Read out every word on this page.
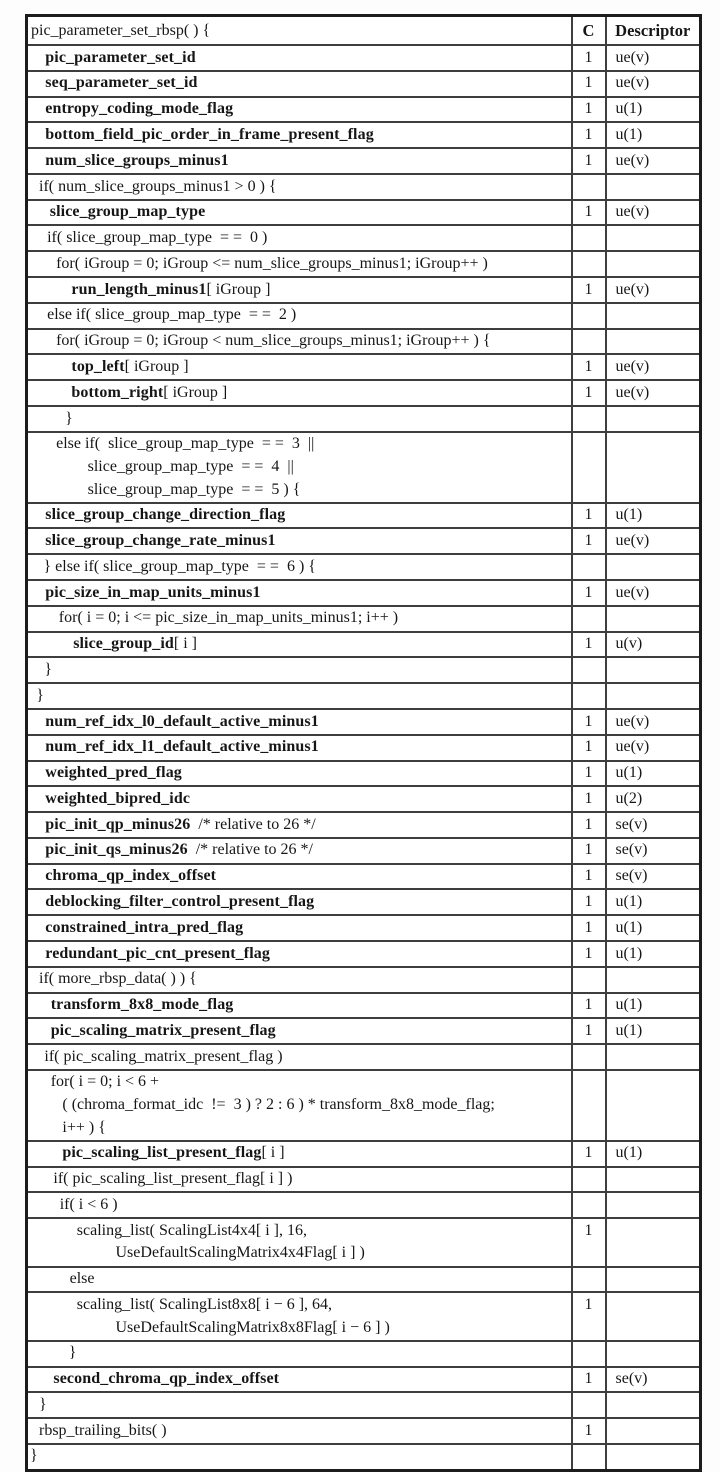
pic_parameter_set_rbsp( ) {	C	Descriptor

pic_parameter_set_id	1	ue(v)

seq_parameter_set_id	1	ue(v)

entropy_coding_mode_flag	1	u(1)

bottom_field_pic_order_in_frame_present_flag	1	u(1)

num_slice_groups_minus1	1	ue(v)

if( num_slice_groups_minus1 > 0 ) {		

slice_group_map_type	1	ue(v)

if( slice_group_map_type  = =  0 )		

for( iGroup = 0; iGroup <= num_slice_groups_minus1; iGroup++ )		

run_length_minus1[ iGroup ]	1	ue(v)

else if( slice_group_map_type  = =  2 )		

for( iGroup = 0; iGroup < num_slice_groups_minus1; iGroup++ ) {		

top_left[ iGroup ]	1	ue(v)

bottom_right[ iGroup ]	1	ue(v)

}		

else if(  slice_group_map_type  = =  3  ||
slice_group_map_type  = =  4  ||
slice_group_map_type  = =  5 ) {		

slice_group_change_direction_flag	1	u(1)

slice_group_change_rate_minus1	1	ue(v)

} else if( slice_group_map_type  = =  6 ) {		

pic_size_in_map_units_minus1	1	ue(v)

for( i = 0; i <= pic_size_in_map_units_minus1; i++ )		

slice_group_id[ i ]	1	u(v)

}		

}		

num_ref_idx_l0_default_active_minus1	1	ue(v)

num_ref_idx_l1_default_active_minus1	1	ue(v)

weighted_pred_flag	1	u(1)

weighted_bipred_idc	1	u(2)

pic_init_qp_minus26  /* relative to 26 */	1	se(v)

pic_init_qs_minus26  /* relative to 26 */	1	se(v)

chroma_qp_index_offset	1	se(v)

deblocking_filter_control_present_flag	1	u(1)

constrained_intra_pred_flag	1	u(1)

redundant_pic_cnt_present_flag	1	u(1)

if( more_rbsp_data( ) ) {		

transform_8x8_mode_flag	1	u(1)

pic_scaling_matrix_present_flag	1	u(1)

if( pic_scaling_matrix_present_flag )		

for( i = 0; i < 6 +
( (chroma_format_idc  !=  3 ) ? 2 : 6 ) * transform_8x8_mode_flag;
i++ ) {		

pic_scaling_list_present_flag[ i ]	1	u(1)

if( pic_scaling_list_present_flag[ i ] )		

if( i < 6 )		

scaling_list( ScalingList4x4[ i ], 16,
UseDefaultScalingMatrix4x4Flag[ i ] )	1	

else		

scaling_list( ScalingList8x8[ i − 6 ], 64,
UseDefaultScalingMatrix8x8Flag[ i − 6 ] )	1	

}		

second_chroma_qp_index_offset	1	se(v)

}		

rbsp_trailing_bits( )	1	

}		
